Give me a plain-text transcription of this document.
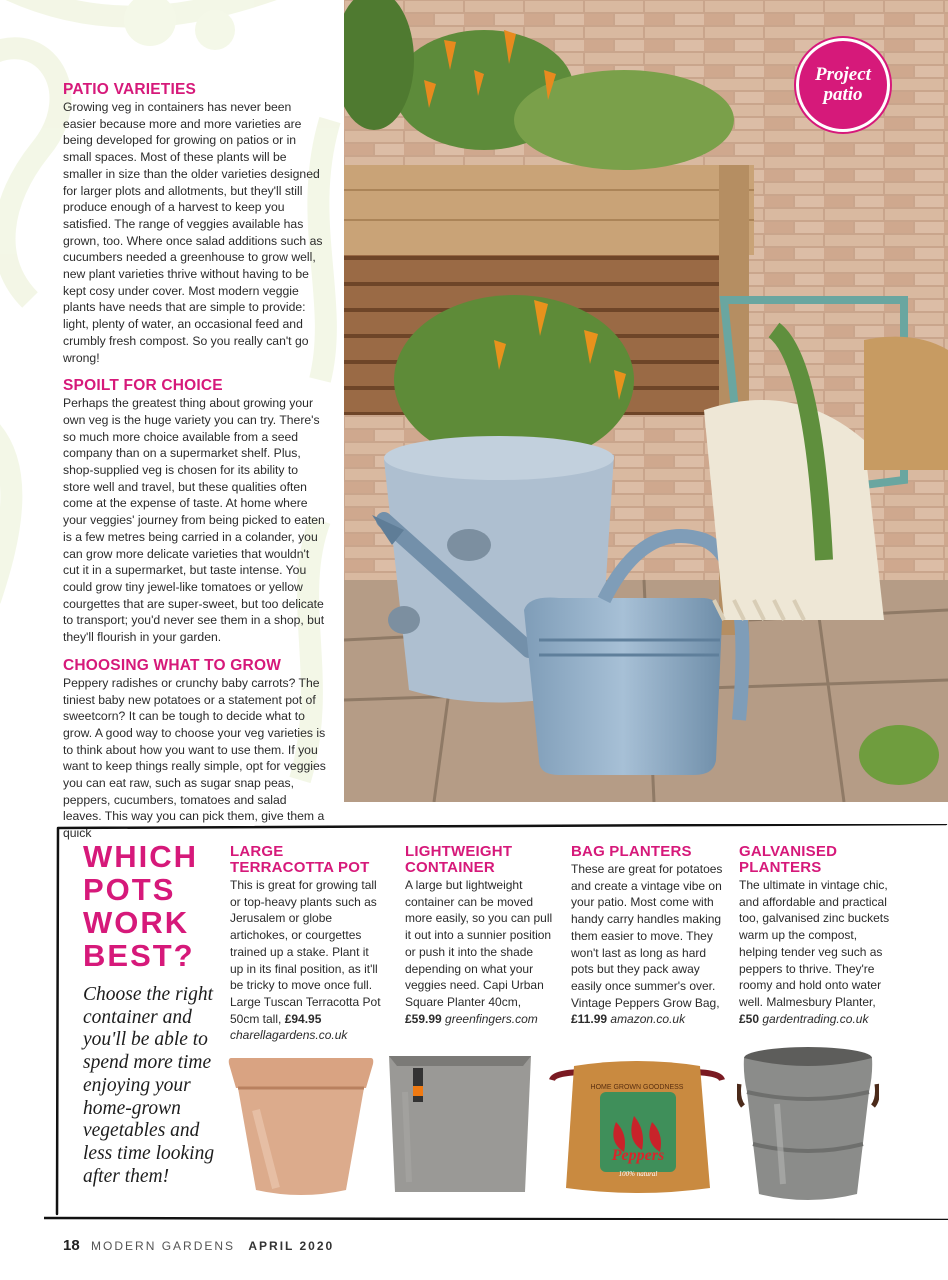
PATIO VARIETIES

Growing veg in containers has never been easier because more and more varieties are being developed for growing on patios or in small spaces. Most of these plants will be smaller in size than the older varieties designed for larger plots and allotments, but they'll still produce enough of a harvest to keep you satisfied. The range of veggies available has grown, too. Where once salad additions such as cucumbers needed a greenhouse to grow well, new plant varieties thrive without having to be kept cosy under cover. Most modern veggie plants have needs that are simple to provide: light, plenty of water, an occasional feed and crumbly fresh compost. So you really can't go wrong!

SPOILT FOR CHOICE

Perhaps the greatest thing about growing your own veg is the huge variety you can try. There's so much more choice available from a seed company than on a supermarket shelf. Plus, shop-supplied veg is chosen for its ability to store well and travel, but these qualities often come at the expense of taste. At home where your veggies' journey from being picked to eaten is a few metres being carried in a colander, you can grow more delicate varieties that wouldn't cut it in a supermarket, but taste intense. You could grow tiny jewel-like tomatoes or yellow courgettes that are super-sweet, but too delicate to transport; you'd never see them in a shop, but they'll flourish in your garden.

CHOOSING WHAT TO GROW

Peppery radishes or crunchy baby carrots? The tiniest baby new potatoes or a statement pot of sweetcorn? It can be tough to decide what to grow. A good way to choose your veg varieties is to think about how you want to use them. If you want to keep things really simple, opt for veggies you can eat raw, such as sugar snap peas, peppers, cucumbers, tomatoes and salad leaves. This way you can pick them, give them a quick

Project
patio
WHICH POTS WORK BEST?

Choose the right container and you'll be able to spend more time enjoying your home-grown vegetables and less time looking after them!

LARGE TERRACOTTA POT

This is great for growing tall or top-heavy plants such as Jerusalem or globe artichokes, or courgettes trained up a stake. Plant it up in its final position, as it'll be tricky to move once full. Large Tuscan Terracotta Pot 50cm tall, £94.95 charellagardens.co.uk

LIGHTWEIGHT CONTAINER

A large but lightweight container can be moved more easily, so you can pull it out into a sunnier position or push it into the shade depending on what your veggies need. Capi Urban Square Planter 40cm, £59.99 greenfingers.com

BAG PLANTERS

These are great for potatoes and create a vintage vibe on your patio. Most come with handy carry handles making them easier to move. They won't last as long as hard pots but they pack away easily once summer's over. Vintage Peppers Grow Bag, £11.99 amazon.co.uk

GALVANISED PLANTERS

The ultimate in vintage chic, and affordable and practical too, galvanised zinc buckets warm up the compost, helping tender veg such as peppers to thrive. They're roomy and hold onto water well. Malmesbury Planter, £50 gardentrading.co.uk

HOME GROWN GOODNESS
Peppers
100% natural
18 MODERN GARDENS APRIL 2020
